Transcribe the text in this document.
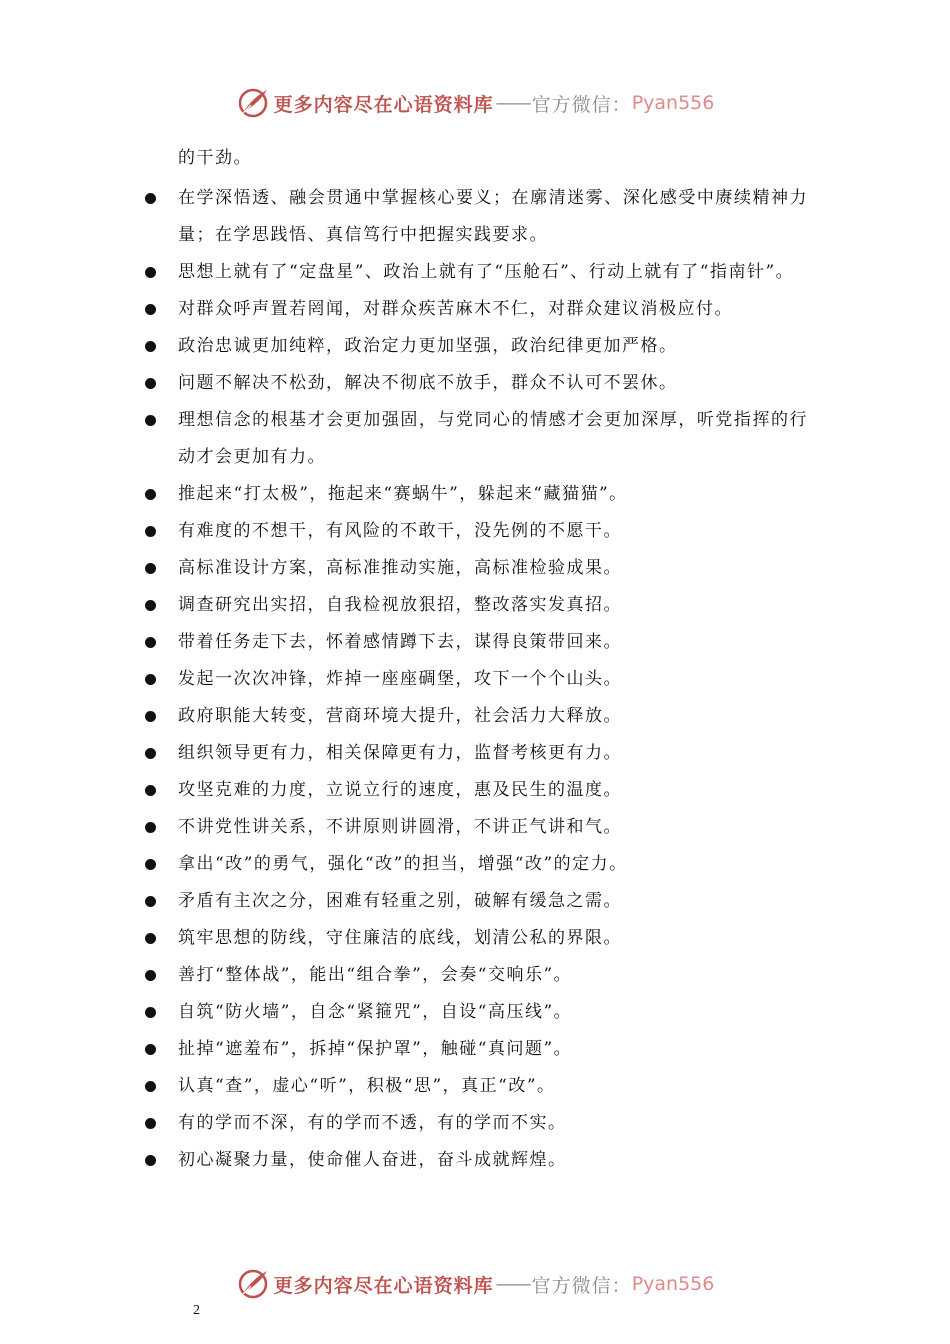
更多内容尽在心语资料库 —— 官方微信： Pyan556
的干劲。
在学深悟透、融会贯通中掌握核心要义；在廓清迷雾、深化感受中赓续精神力量；在学思践悟、真信笃行中把握实践要求。
思想上就有了“定盘星”、政治上就有了“压舱石”、行动上就有了“指南针”。
对群众呼声置若罔闻，对群众疾苦麻木不仁，对群众建议消极应付。
政治忠诚更加纯粹，政治定力更加坚强，政治纪律更加严格。
问题不解决不松劲，解决不彻底不放手，群众不认可不罢休。
理想信念的根基才会更加强固，与党同心的情感才会更加深厚，听党指挥的行动才会更加有力。
推起来“打太极”，拖起来“赛蜗牛”，躲起来“藏猫猫”。
有难度的不想干，有风险的不敢干，没先例的不愿干。
高标准设计方案，高标准推动实施，高标准检验成果。
调查研究出实招，自我检视放狠招，整改落实发真招。
带着任务走下去，怀着感情蹲下去，谋得良策带回来。
发起一次次冲锋，炸掉一座座碉堡，攻下一个个山头。
政府职能大转变，营商环境大提升，社会活力大释放。
组织领导更有力，相关保障更有力，监督考核更有力。
攻坚克难的力度，立说立行的速度，惠及民生的温度。
不讲党性讲关系，不讲原则讲圆滑，不讲正气讲和气。
拿出“改”的勇气，强化“改”的担当，增强“改”的定力。
矛盾有主次之分，困难有轻重之别，破解有缓急之需。
筑牢思想的防线，守住廉洁的底线，划清公私的界限。
善打“整体战”，能出“组合拳”，会奏“交响乐”。
自筑“防火墙”，自念“紧箍咒”，自设“高压线”。
扯掉“遮羞布”，拆掉“保护罩”，触碰“真问题”。
认真“查”，虚心“听”，积极“思”，真正“改”。
有的学而不深，有的学而不透，有的学而不实。
初心凝聚力量，使命催人奋进，奋斗成就辉煌。
更多内容尽在心语资料库 —— 官方微信： Pyan556
2
